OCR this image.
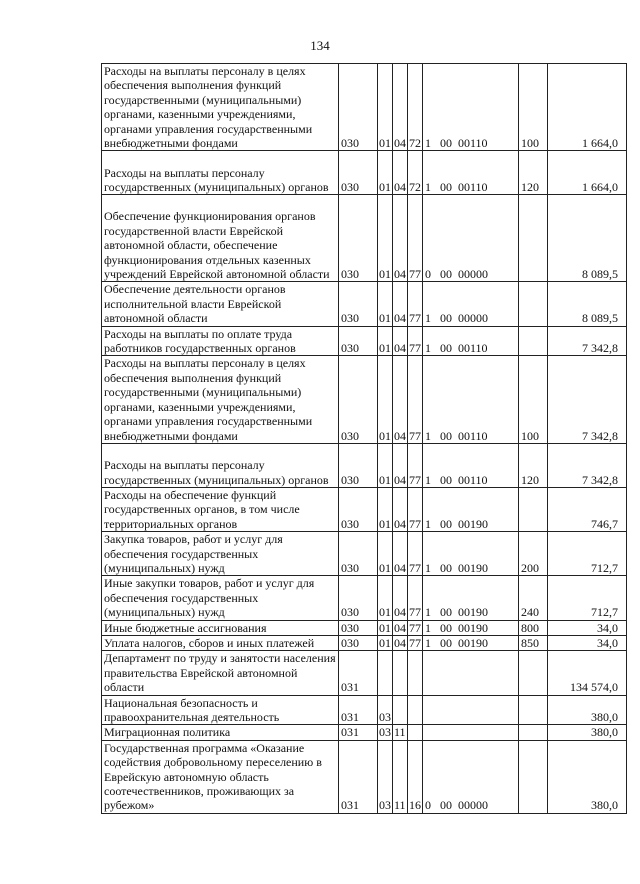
134
Расходы на выплаты персоналу в целях обеспечения выполнения функций государственными (муниципальными) органами, казенными учреждениями, органами управления государственными внебюджетными фондами	030	01	04	72	1   00  00110	100	1 664,0
Расходы на выплаты персоналу государственных (муниципальных) органов	030	01	04	72	1   00  00110	120	1 664,0
Обеспечение функционирования органов государственной власти Еврейской автономной области, обеспечение функционирования отдельных казенных учреждений Еврейской автономной области	030	01	04	77	0   00  00000		8 089,5
Обеспечение деятельности органов исполнительной власти Еврейской автономной области	030	01	04	77	1   00  00000		8 089,5
Расходы на выплаты по оплате труда работников государственных органов	030	01	04	77	1   00  00110		7 342,8
Расходы на выплаты персоналу в целях обеспечения выполнения функций государственными (муниципальными) органами, казенными учреждениями, органами управления государственными внебюджетными фондами	030	01	04	77	1   00  00110	100	7 342,8
Расходы на выплаты персоналу государственных (муниципальных) органов	030	01	04	77	1   00  00110	120	7 342,8
Расходы на обеспечение функций государственных органов, в том числе территориальных органов	030	01	04	77	1   00  00190		746,7
Закупка товаров, работ и услуг для обеспечения государственных (муниципальных) нужд	030	01	04	77	1   00  00190	200	712,7
Иные закупки товаров, работ и услуг для обеспечения государственных (муниципальных) нужд	030	01	04	77	1   00  00190	240	712,7
Иные бюджетные ассигнования	030	01	04	77	1   00  00190	800	34,0
Уплата налогов, сборов и иных платежей	030	01	04	77	1   00  00190	850	34,0
Департамент по труду и занятости населения правительства Еврейской автономной области	031						134 574,0
Национальная безопасность и правоохранительная деятельность	031	03					380,0
Миграционная политика	031	03	11				380,0
Государственная программа «Оказание содействия добровольному переселению в Еврейскую автономную область соотечественников, проживающих за рубежом»	031	03	11	16	0   00  00000		380,0
